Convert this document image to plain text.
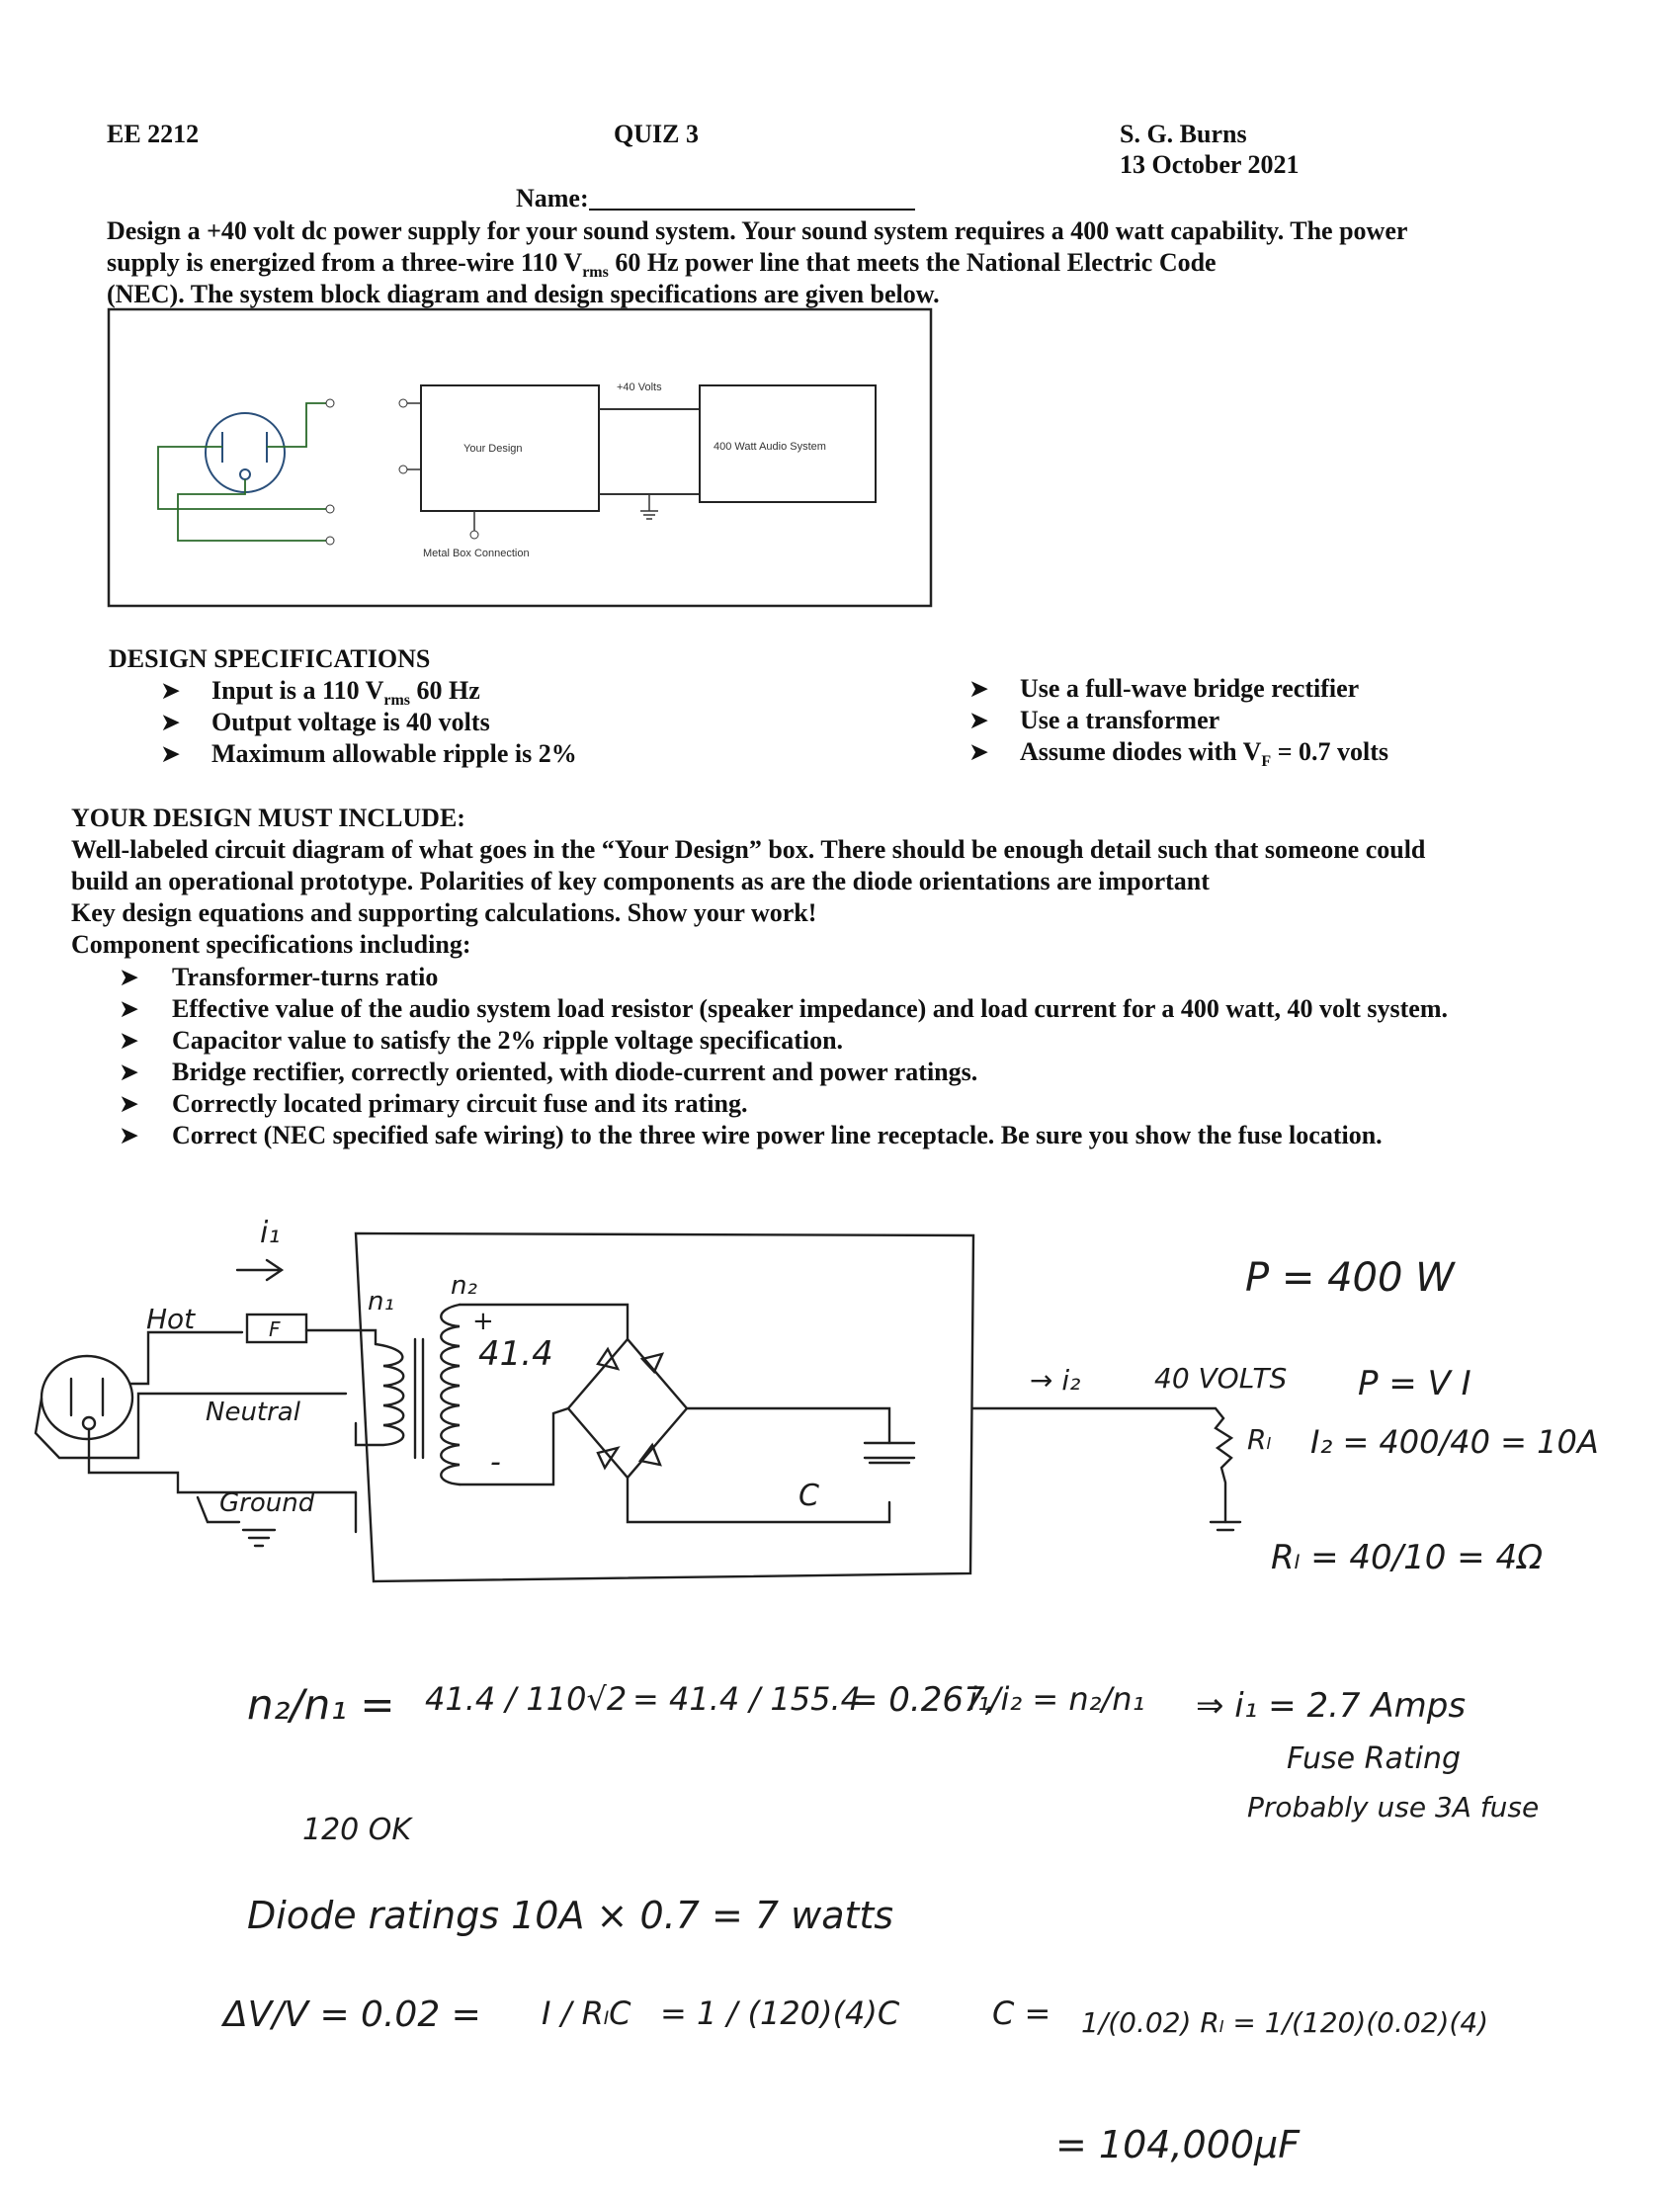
EE 2212	QUIZ 3	S. G. Burns
13 October 2021
Name:
Design a +40 volt dc power supply for your sound system. Your sound system requires a 400 watt capability. The power
supply is energized from a three-wire 110 $V_{rms}$ 60 Hz power line that meets the National Electric Code
(NEC). The system block diagram and design specifications are given below.
Your Design
+40 Volts
400 Watt Audio System
Metal Box Connection
DESIGN SPECIFICATIONS
➤ Input is a 110 $V_{rms}$ 60 Hz
➤ Output voltage is 40 volts
➤ Maximum allowable ripple is 2%
➤ Use a full-wave bridge rectifier
➤ Use a transformer
➤ Assume diodes with $V_F = 0.7$ volts
YOUR DESIGN MUST INCLUDE:
Well-labeled circuit diagram of what goes in the “Your Design” box. There should be enough detail such that someone could
build an operational prototype. Polarities of key components as are the diode orientations are important
Key design equations and supporting calculations. Show your work!
Component specifications including:
➤ Transformer-turns ratio
➤ Effective value of the audio system load resistor (speaker impedance) and load current for a 400 watt, 40 volt system.
➤ Capacitor value to satisfy the 2% ripple voltage specification.
➤ Bridge rectifier, correctly oriented, with diode-current and power ratings.
➤ Correctly located primary circuit fuse and its rating.
➤ Correct (NEC specified safe wiring) to the three wire power line receptacle. Be sure you show the fuse location.
i₁
Hot	F
Neutral
Ground
n₁
n₂
+
41.4
-
C
→ i₂	40 VOLTS
Rₗ
P = 400 W
P = V I
I₂ = 400/40 = 10A
Rₗ = 40/10 = 4Ω
n₂/n₁ = 41.4 / 110√2 = 41.4 / 155.4
= 0.267,
i₁/i₂ = n₂/n₁ ⇒ i₁ = 2.7 Amps
Fuse Rating
Probably use 3A fuse
120 OK
Diode ratings 10A × 0.7 = 7 watts
ΔV/V = 0.02 = I / RₗC = 1 / (120)(4)C	C = 1/(0.02) Rₗ = 1/(120)(0.02)(4)
= 104,000μF
